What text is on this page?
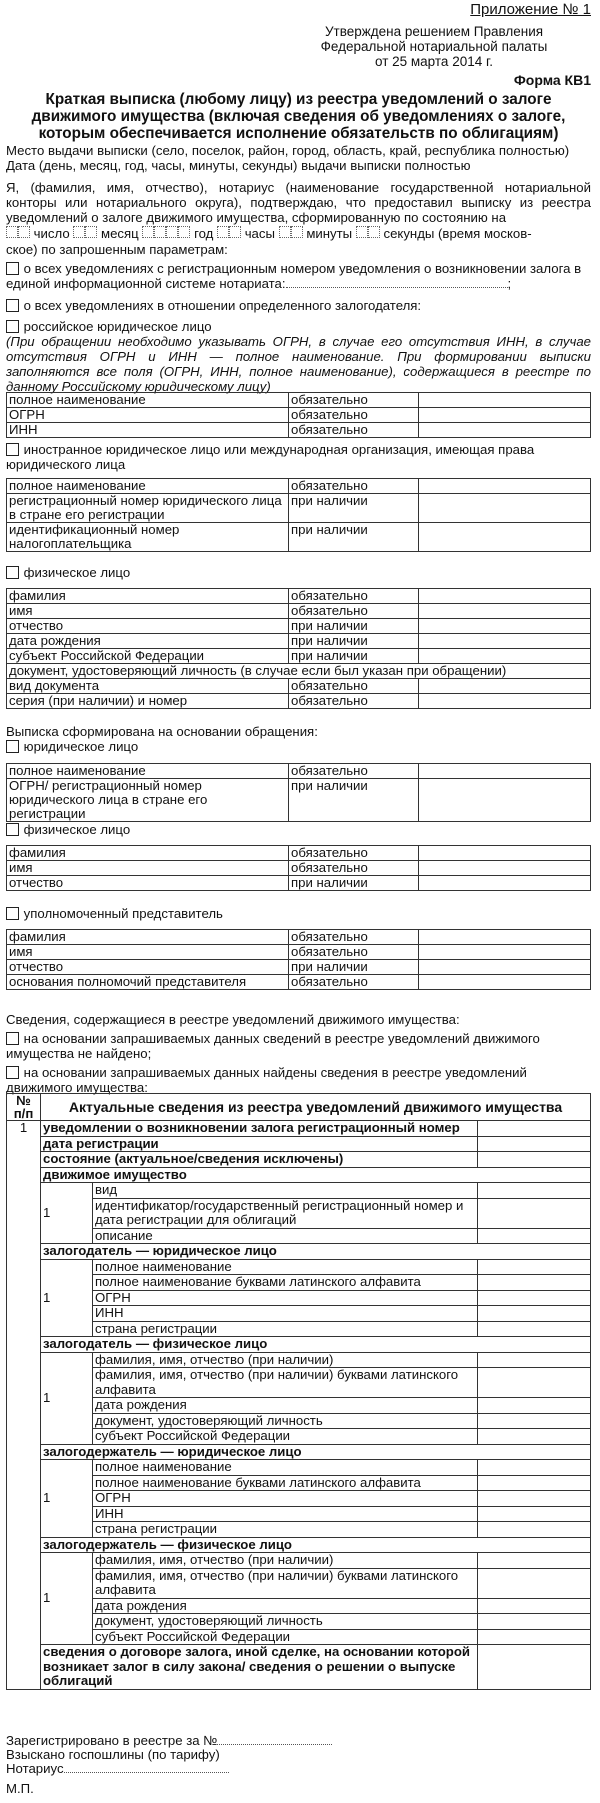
Приложение № 1
Утверждена решением Правления
Федеральной нотариальной палаты
от 25 марта 2014 г.
Форма КВ1
Краткая выписка (любому лицу) из реестра уведомлений о залоге
движимого имущества (включая сведения об уведомлениях о залоге,
которым обеспечивается исполнение обязательств по облигациям)

Место выдачи выписки (село, поселок, район, город, область, край, республика полностью)

Дата (день, месяц, год, часы, минуты, секунды) выдачи выписки полностью

Я, (фамилия, имя, отчество), нотариус (наименование государственной нотариальной конторы или нотариального округа), подтверждаю, что предоставил выписку из реестра уведомлений о залоге движимого имущества, сформированную по состоянию на

число месяц	год часы минуты секунды (время москов-

ское) по запрошенным параметрам:

о всех уведомлениях с регистрационным номером уведомления о возникновении залога в единой информационной системе нотариата:	;

о всех уведомлениях в отношении определенного залогодателя:

российское юридическое лицо

(При обращении необходимо указывать ОГРН, в случае его отсутствия ИНН, в случае отсутствия ОГРН и ИНН — полное наименование. При формировании выписки заполняются все поля (ОГРН, ИНН, полное наименование), содержащиеся в реестре по данному Российскому юридическому лицу)

полное наименование	обязательно	
ОГРН	обязательно	
ИНН	обязательно	

иностранное юридическое лицо или международная организация, имеющая права юридического лица

полное наименование	обязательно	
регистрационный номер юридического лица в стране его регистрации	при наличии	
идентификационный номер налогоплательщика	при наличии	

физическое лицо

фамилия	обязательно	
имя	обязательно	
отчество	при наличии	
дата рождения	при наличии	
субъект Российской Федерации	при наличии	
документ, удостоверяющий личность (в случае если был указан при обращении)		
вид документа	обязательно	
серия (при наличии) и номер	обязательно	

Выписка сформирована на основании обращения:

юридическое лицо

полное наименование	обязательно	
ОГРН/ регистрационный номер юридического лица в стране его регистрации	при наличии	

физическое лицо

фамилия	обязательно	
имя	обязательно	
отчество	при наличии	

уполномоченный представитель

фамилия	обязательно	
имя	обязательно	
отчество	при наличии	
основания полномочий представителя	обязательно	

Сведения, содержащиеся в реестре уведомлений движимого имущества:

на основании запрашиваемых данных сведений в реестре уведомлений движимого имущества не найдено;

на основании запрашиваемых данных найдены сведения в реестре уведомлений движимого имущества:

№ п/п	Актуальные сведения из реестра уведомлений движимого имущества		
1	уведомлении о возникновении залога регистрационный номер		
	дата регистрации		
	состояние (актуальное/сведения исключены)		
	движимое имущество		
	1	вид	
		идентификатор/государственный регистрационный номер и дата регистрации для облигаций	
		описание	
	залогодатель — юридическое лицо		
	1	полное наименование	
		полное наименование буквами латинского алфавита	
		ОГРН	
		ИНН	
		страна регистрации	
	залогодатель — физическое лицо		
	1	фамилия, имя, отчество (при наличии)	
		фамилия, имя, отчество (при наличии) буквами латинского алфавита	
		дата рождения	
		документ, удостоверяющий личность	
		субъект Российской Федерации	
	залогодержатель — юридическое лицо		
	1	полное наименование	
		полное наименование буквами латинского алфавита	
		ОГРН	
		ИНН	
		страна регистрации	
	залогодержатель — физическое лицо		
	1	фамилия, имя, отчество (при наличии)	
		фамилия, имя, отчество (при наличии) буквами латинского алфавита	
		дата рождения	
		документ, удостоверяющий личность	
		субъект Российской Федерации	
	сведения о договоре залога, иной сделке, на основании которой возникает залог в силу закона/ сведения о решении о выпуске облигаций		

Зарегистрировано в реестре за №

Взыскано госпошлины (по тарифу)

Нотариус

М.П.
